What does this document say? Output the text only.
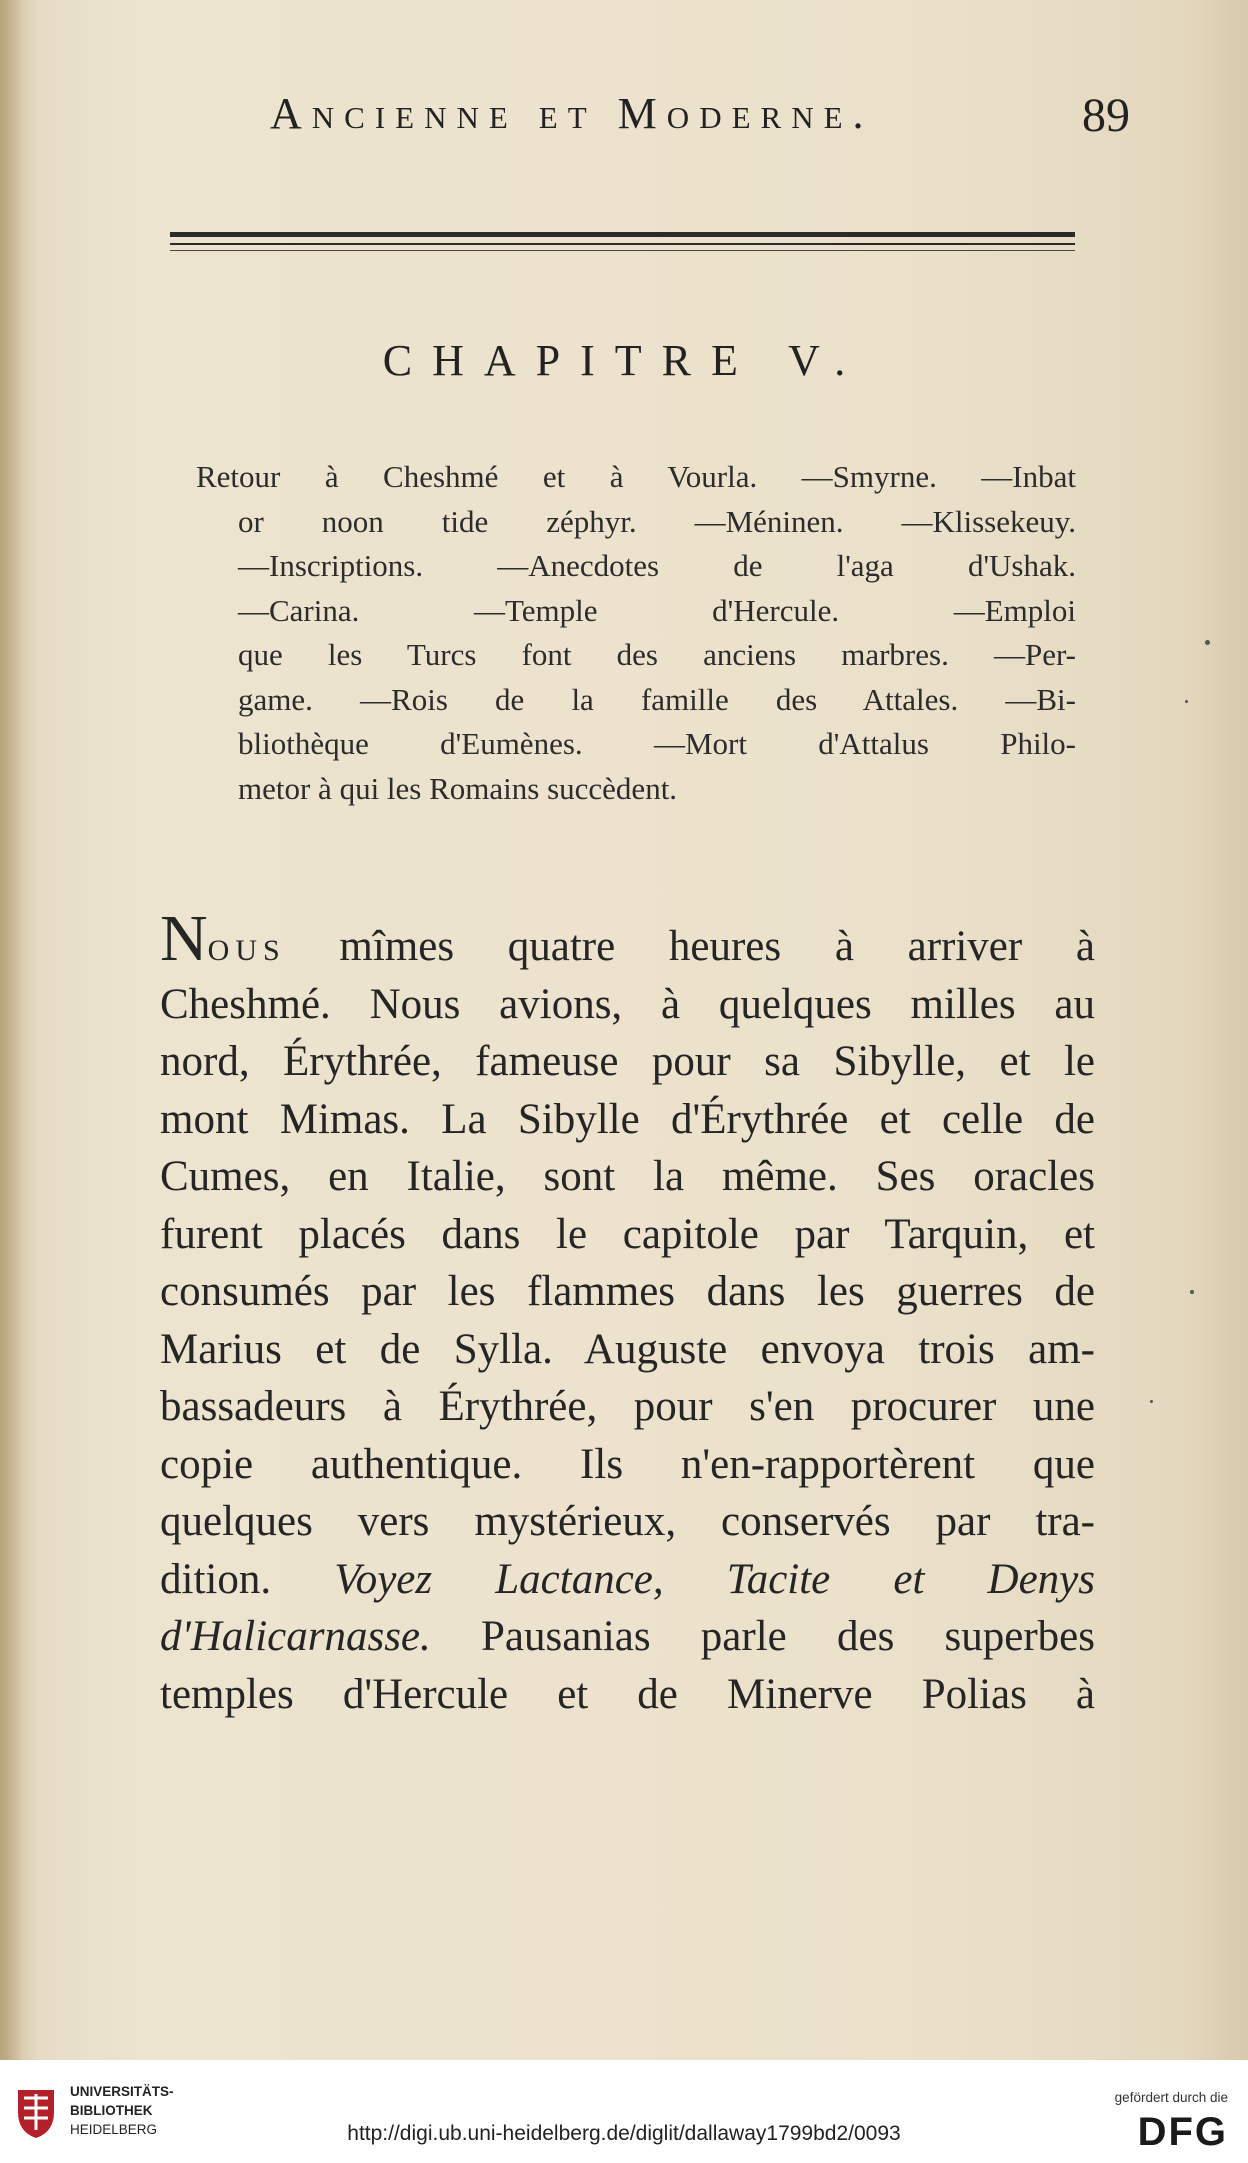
Ancienne et Moderne.	89
CHAPITRE V.
Retour à Cheshmé et à Vourla. —Smyrne. —Inbat
or noon tide zéphyr. —Méninen. —Klissekeuy.
—Inscriptions. —Anecdotes de l'aga d'Ushak.
—Carina. —Temple d'Hercule. —Emploi
que les Turcs font des anciens marbres. —Per-
game. —Rois de la famille des Attales. —Bi-
bliothèque d'Eumènes. —Mort d'Attalus Philo-
metor à qui les Romains succèdent.
Nous mîmes quatre heures à arriver à
Cheshmé. Nous avions, à quelques milles au
nord, Érythrée, fameuse pour sa Sibylle, et le
mont Mimas. La Sibylle d'Érythrée et celle de
Cumes, en Italie, sont la même. Ses oracles
furent placés dans le capitole par Tarquin, et
consumés par les flammes dans les guerres de
Marius et de Sylla. Auguste envoya trois am-
bassadeurs à Érythrée, pour s'en procurer une
copie authentique. Ils n'en-rapportèrent que
quelques vers mystérieux, conservés par tra-
dition. Voyez Lactance, Tacite et Denys
d'Halicarnasse. Pausanias parle des superbes
temples d'Hercule et de Minerve Polias à
UNIVERSITÄTS-
BIBLIOTHEK
HEIDELBERG	http://digi.ub.uni-heidelberg.de/diglit/dallaway1799bd2/0093
gefördert durch die
DFG
